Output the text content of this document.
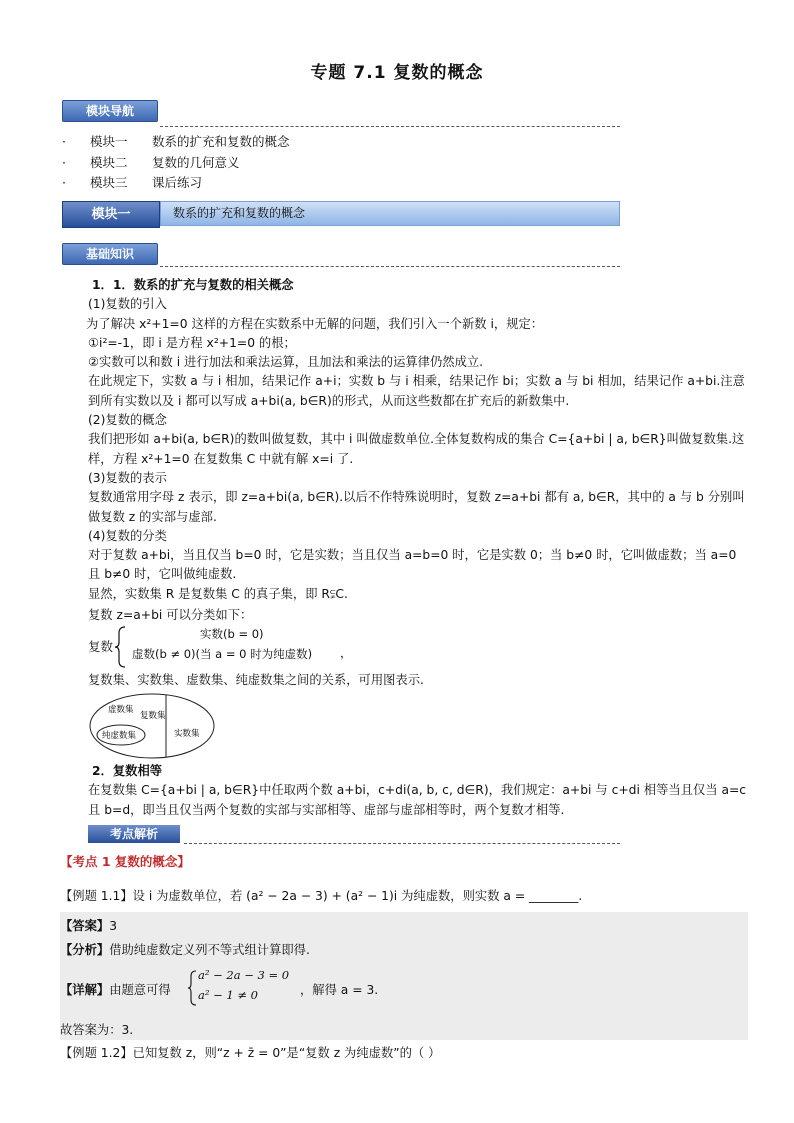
专题 7.1 复数的概念
模块导航
·	模块一	数系的扩充和复数的概念
·	模块二	复数的几何意义
·	模块三	课后练习
模块一	数系的扩充和复数的概念
基础知识

1．1．数系的扩充与复数的相关概念

(1)复数的引入

为了解决 x²+1=0 这样的方程在实数系中无解的问题，我们引入一个新数 i，规定：

①i²=-1，即 i 是方程 x²+1=0 的根；

②实数可以和数 i 进行加法和乘法运算，且加法和乘法的运算律仍然成立.

在此规定下，实数 a 与 i 相加，结果记作 a+i；实数 b 与 i 相乘，结果记作 bi；实数 a 与 bi 相加，结果记作 a+bi.注意到所有实数以及 i 都可以写成 a+bi(a, b∈R)的形式，从而这些数都在扩充后的新数集中.

(2)复数的概念

我们把形如 a+bi(a, b∈R)的数叫做复数，其中 i 叫做虚数单位.全体复数构成的集合 C={a+bi | a, b∈R}叫做复数集.这样，方程 x²+1=0 在复数集 C 中就有解 x=i 了.

(3)复数的表示

复数通常用字母 z 表示，即 z=a+bi(a, b∈R).以后不作特殊说明时，复数 z=a+bi 都有 a, b∈R，其中的 a 与 b 分别叫做复数 z 的实部与虚部.

(4)复数的分类

对于复数 a+bi，当且仅当 b=0 时，它是实数；当且仅当 a=b=0 时，它是实数 0；当 b≠0 时，它叫做虚数；当 a=0 且 b≠0 时，它叫做纯虚数.

显然，实数集 R 是复数集 C 的真子集，即 R⫋C.

复数 z=a+bi 可以分类如下：

复数
实数(b = 0)
虚数(b ≠ 0)(当 a = 0 时为纯虚数) ，

复数集、实数集、虚数集、纯虚数集之间的关系，可用图表示.

虚数集
复数集
纯虚数集	实数集

2．复数相等

在复数集 C={a+bi | a, b∈R}中任取两个数 a+bi，c+di(a, b, c, d∈R)，我们规定：a+bi 与 c+di 相等当且仅当 a=c 且 b=d，即当且仅当两个复数的实部与实部相等、虚部与虚部相等时，两个复数才相等.

考点解析
【考点 1 复数的概念】
【例题 1.1】设 i 为虚数单位，若 (a² − 2a − 3) + (a² − 1)i 为纯虚数，则实数 a = ________.
【答案】3
【分析】借助纯虚数定义列不等式组计算即得.
【详解】由题意可得
a² − 2a − 3 = 0
a² − 1 ≠ 0	，解得 a = 3.
故答案为：3.
【例题 1.2】已知复数 z，则“z + z̄ = 0”是“复数 z 为纯虚数”的（ ）
